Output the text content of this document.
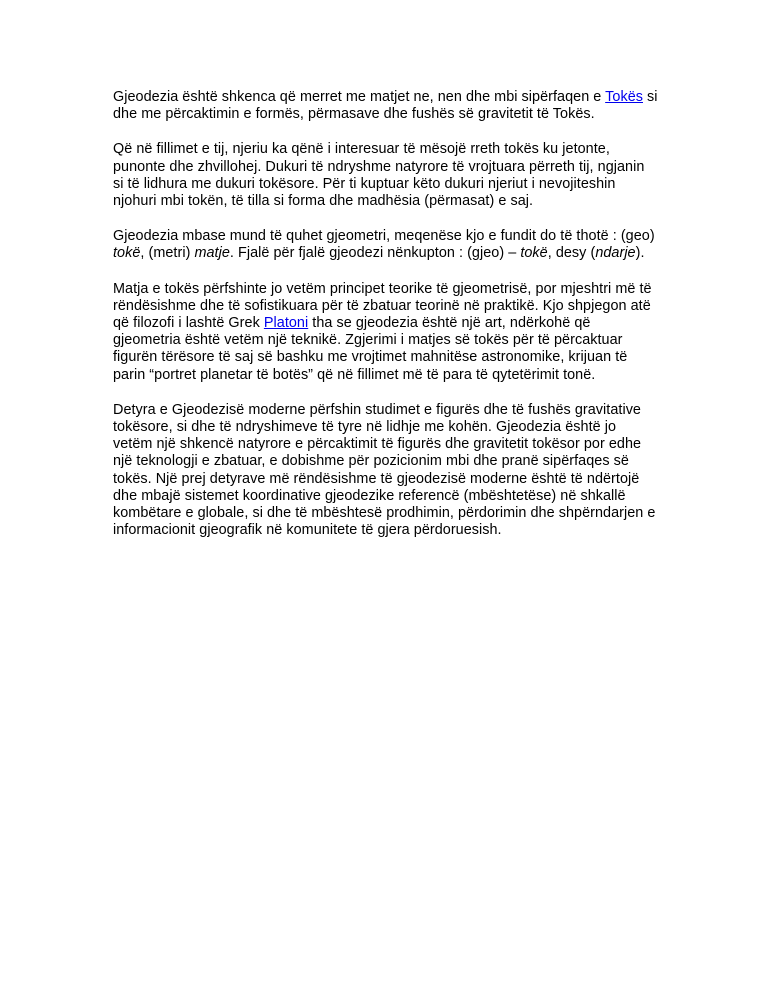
Gjeodezia është shkenca që merret me matjet ne, nen dhe mbi sipërfaqen e Tokës si dhe me përcaktimin e formës, përmasave dhe fushës së gravitetit të Tokës.

Që në fillimet e tij, njeriu ka qënë i interesuar të mësojë rreth tokës ku jetonte, punonte dhe zhvillohej. Dukuri të ndryshme natyrore të vrojtuara përreth tij, ngjanin si të lidhura me dukuri tokësore. Për ti kuptuar këto dukuri njeriut i nevojiteshin njohuri mbi tokën, të tilla si forma dhe madhësia (përmasat) e saj.

Gjeodezia mbase mund të quhet gjeometri, meqenëse kjo e fundit do të thotë : (geo) tokë, (metri) matje. Fjalë për fjalë gjeodezi nënkupton : (gjeo) – tokë, desy (ndarje).

Matja e tokës përfshinte jo vetëm principet teorike të gjeometrisë, por mjeshtri më të rëndësishme dhe të sofistikuara për të zbatuar teorinë në praktikë. Kjo shpjegon atë që filozofi i lashtë Grek Platoni tha se gjeodezia është një art, ndërkohë që gjeometria është vetëm një teknikë. Zgjerimi i matjes së tokës për të përcaktuar figurën tërësore të saj së bashku me vrojtimet mahnitëse astronomike, krijuan të parin “portret planetar të botës” që në fillimet më të para të qytetërimit tonë.

Detyra e Gjeodezisë moderne përfshin studimet e figurës dhe të fushës gravitative tokësore, si dhe të ndryshimeve të tyre në lidhje me kohën. Gjeodezia është jo vetëm një shkencë natyrore e përcaktimit të figurës dhe gravitetit tokësor por edhe një teknologji e zbatuar, e dobishme për pozicionim mbi dhe pranë sipërfaqes së tokës. Një prej detyrave më rëndësishme të gjeodezisë moderne është të ndërtojë dhe mbajë sistemet koordinative gjeodezike referencë (mbështetëse) në shkallë kombëtare e globale, si dhe të mbështesë prodhimin, përdorimin dhe shpërndarjen e informacionit gjeografik në komunitete të gjera përdoruesish.
